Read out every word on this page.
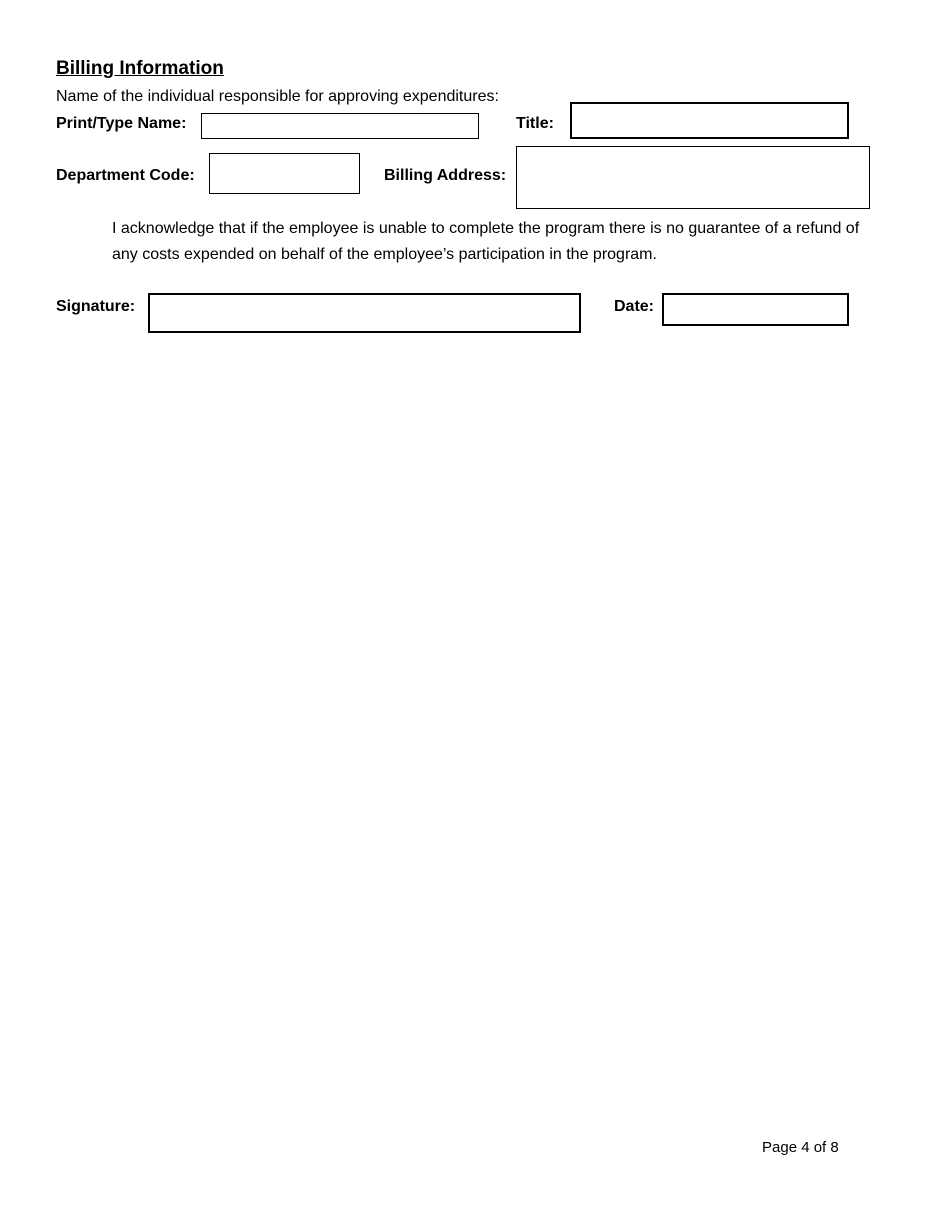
Billing Information
Name of the individual responsible for approving expenditures:
Print/Type Name:	Title:
Department Code:	Billing Address:
I acknowledge that if the employee is unable to complete the program there is no guarantee of a refund of any costs expended on behalf of the employee’s participation in the program.
Signature:	Date:
Page 4 of 8
